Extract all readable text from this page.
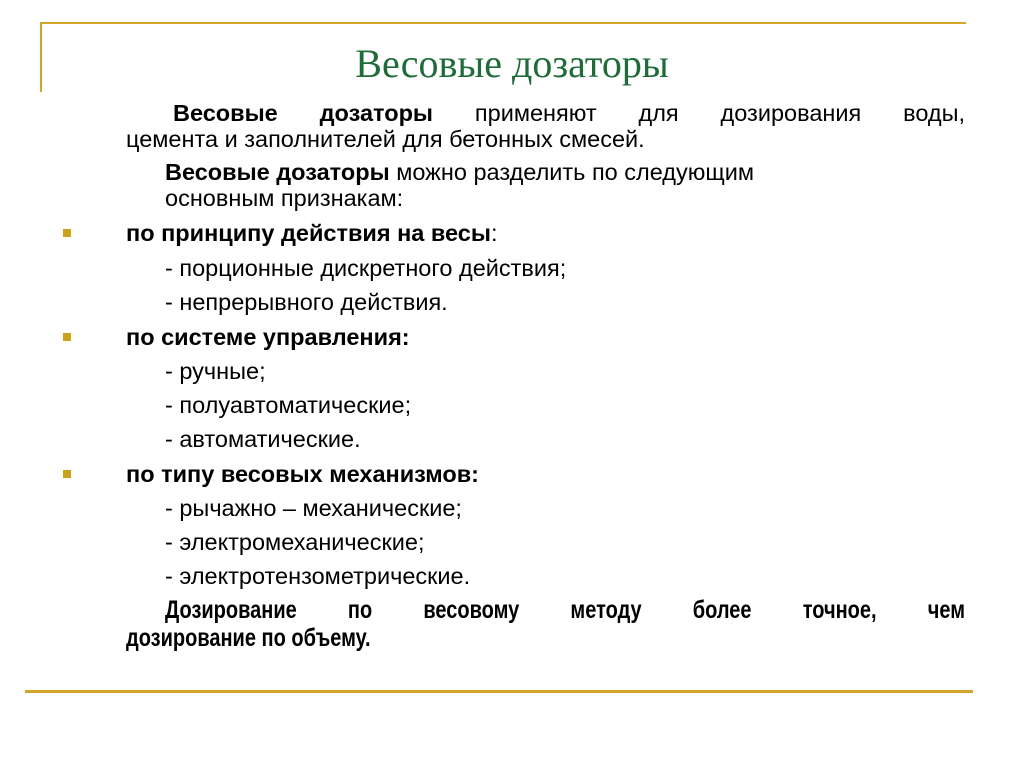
Весовые дозаторы
Весовые дозаторы применяют для дозирования воды,
цемента и заполнителей для бетонных смесей.
Весовые дозаторы можно разделить по следующим
основным признакам:
по принципу действия на весы:
- порционные дискретного действия;
- непрерывного действия.
по системе управления:
- ручные;
- полуавтоматические;
- автоматические.
по типу весовых механизмов:
- рычажно – механические;
- электромеханические;
- электротензометрические.
Дозирование по весовому методу более точное, чем
дозирование по объему.
